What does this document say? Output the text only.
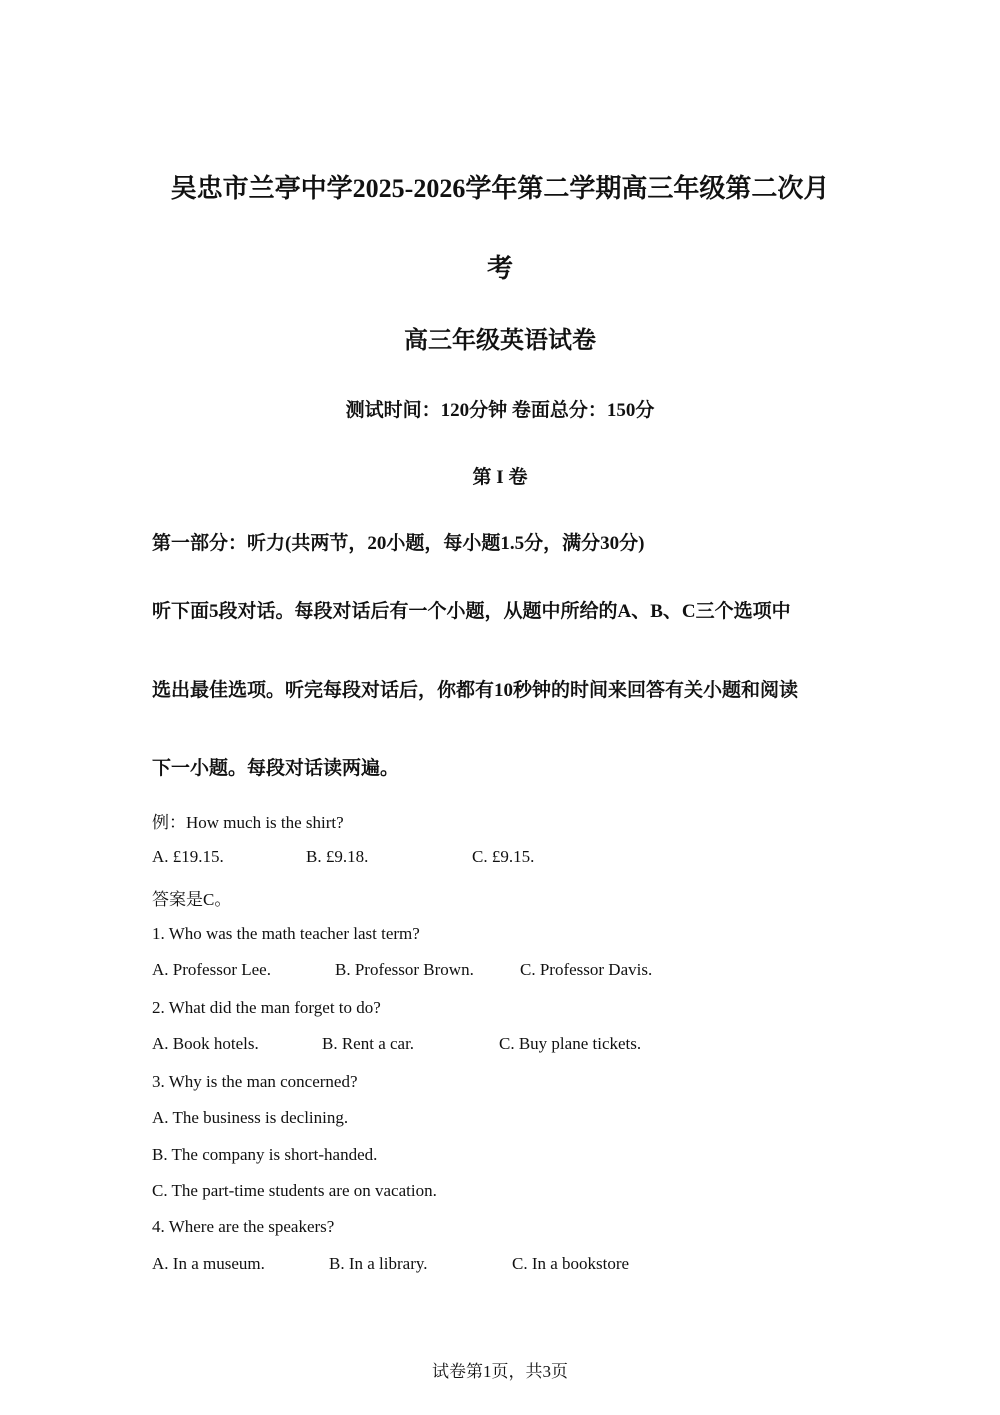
吴忠市兰亭中学2025-2026学年第二学期高三年级第二次月
考
高三年级英语试卷
测试时间：120分钟 卷面总分：150分
第 I 卷
第一部分：听力(共两节，20小题，每小题1.5分，满分30分)
听下面5段对话。每段对话后有一个小题，从题中所给的A、B、C三个选项中
选出最佳选项。听完每段对话后，你都有10秒钟的时间来回答有关小题和阅读
下一小题。每段对话读两遍。
例：How much is the shirt?
A. £19.15.	B. £9.18.	C. £9.15.
答案是C。
1. Who was the math teacher last term?
A. Professor Lee.	B. Professor Brown.	C. Professor Davis.
2. What did the man forget to do?
A. Book hotels.	B. Rent a car.	C. Buy plane tickets.
3. Why is the man concerned?
A. The business is declining.
B. The company is short-handed.
C. The part-time students are on vacation.
4. Where are the speakers?
A. In a museum.	B. In a library.	C. In a bookstore
试卷第1页，共3页
